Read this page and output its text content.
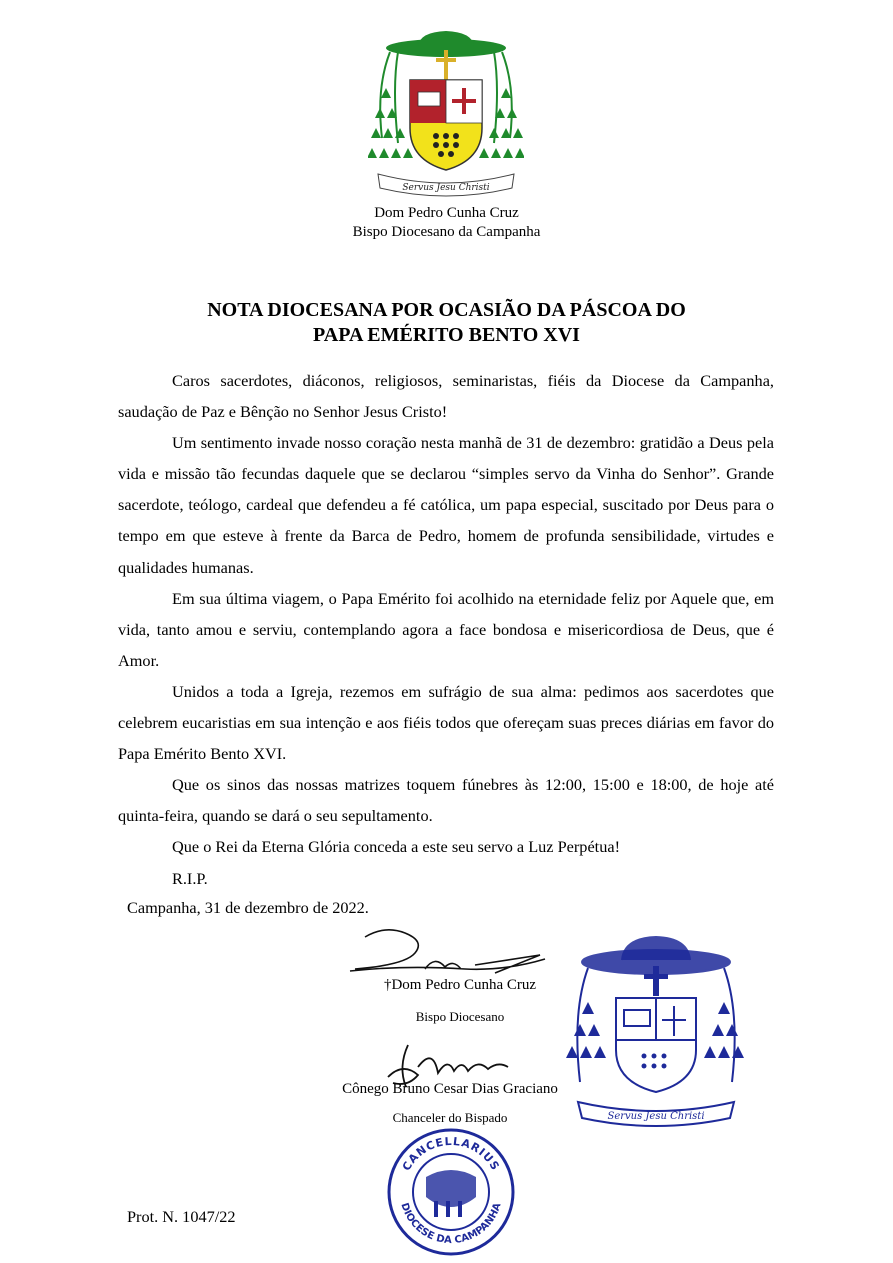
Servus Jesu Christi
Dom Pedro Cunha Cruz
Bispo Diocesano da Campanha
NOTA DIOCESANA POR OCASIÃO DA PÁSCOA DO
PAPA EMÉRITO BENTO XVI

Caros sacerdotes, diáconos, religiosos, seminaristas, fiéis da Diocese da Campanha, saudação de Paz e Bênção no Senhor Jesus Cristo!

Um sentimento invade nosso coração nesta manhã de 31 de dezembro: gratidão a Deus pela vida e missão tão fecundas daquele que se declarou “simples servo da Vinha do Senhor”. Grande sacerdote, teólogo, cardeal que defendeu a fé católica, um papa especial, suscitado por Deus para o tempo em que esteve à frente da Barca de Pedro, homem de profunda sensibilidade, virtudes e qualidades humanas.

Em sua última viagem, o Papa Emérito foi acolhido na eternidade feliz por Aquele que, em vida, tanto amou e serviu, contemplando agora a face bondosa e misericordiosa de Deus, que é Amor.

Unidos a toda a Igreja, rezemos em sufrágio de sua alma: pedimos aos sacerdotes que celebrem eucaristias em sua intenção e aos fiéis todos que ofereçam suas preces diárias em favor do Papa Emérito Bento XVI.

Que os sinos das nossas matrizes toquem fúnebres às 12:00, 15:00 e 18:00, de hoje até quinta-feira, quando se dará o seu sepultamento.

Que o Rei da Eterna Glória conceda a este seu servo a Luz Perpétua!

R.I.P.

Campanha, 31 de dezembro de 2022.
†Dom Pedro Cunha Cruz
Bispo Diocesano
Cônego Bruno Cesar Dias Graciano
Chanceler do Bispado	Servus Jesu Christi
CANCELLARIUS
DIOCESE DA CAMPANHA
Prot. N. 1047/22
